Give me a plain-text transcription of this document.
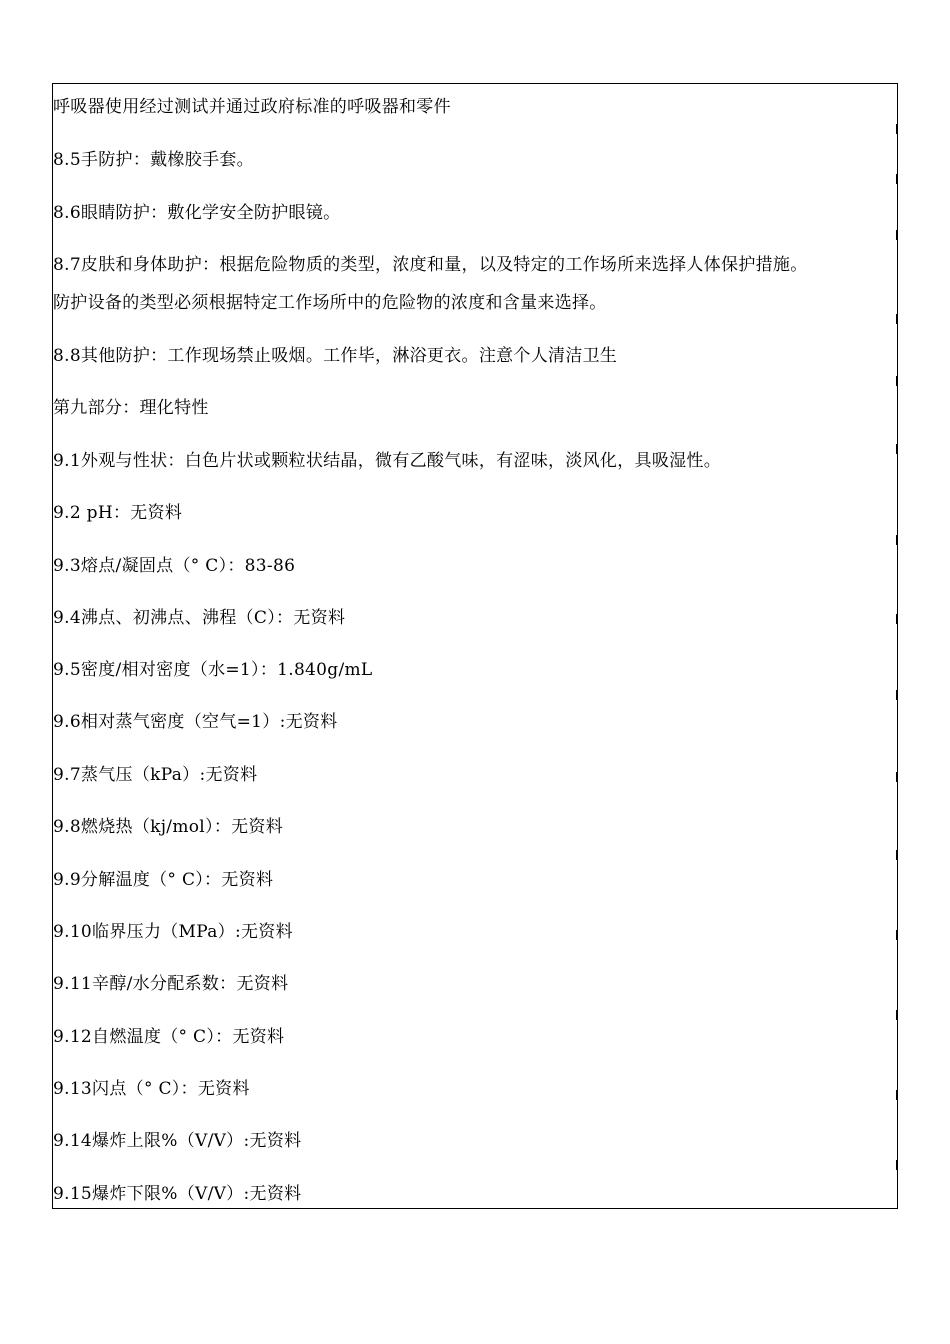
呼吸器使用经过测试并通过政府标准的呼吸器和零件
8.5手防护：戴橡胶手套。
8.6眼睛防护：敷化学安全防护眼镜。
8.7皮肤和身体助护：根据危险物质的类型，浓度和量，以及特定的工作场所来选择人体保护措施。
防护设备的类型必须根据特定工作场所中的危险物的浓度和含量来选择。
8.8其他防护：工作现场禁止吸烟。工作毕，淋浴更衣。注意个人清洁卫生
第九部分：理化特性
9.1外观与性状：白色片状或颗粒状结晶，微有乙酸气味，有涩味，淡风化，具吸湿性。
9.2 pH：无资料
9.3熔点/凝固点（° C）：83-86
9.4沸点、初沸点、沸程（C）：无资料
9.5密度/相对密度（水=1）：1.840g/mL
9.6相对蒸气密度（空气=1）:无资料
9.7蒸气压（kPa）:无资料
9.8燃烧热（kj/mol）：无资料
9.9分解温度（° C）：无资料
9.10临界压力（MPa）:无资料
9.11辛醇/水分配系数：无资料
9.12自燃温度（° C）：无资料
9.13闪点（° C）：无资料
9.14爆炸上限%（V/V）:无资料
9.15爆炸下限%（V/V）:无资料
